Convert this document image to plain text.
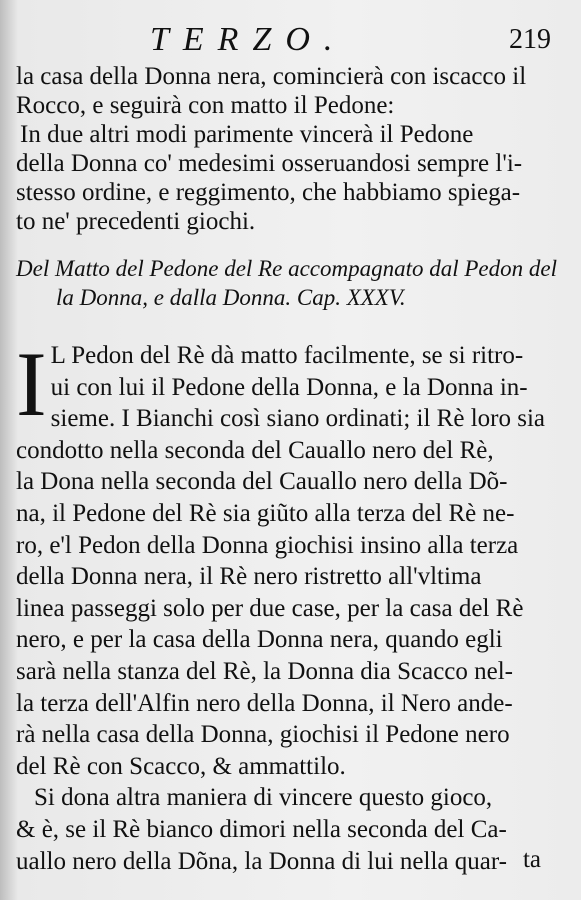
TERZO.	219
la casa della Donna nera, comincierà con iscacco il
Rocco, e seguirà con matto il Pedone:
In due altri modi parimente vincerà il Pedone
della Donna co' medesimi osseruandosi sempre l'i-
stesso ordine, e reggimento, che habbiamo spiega-
to ne' precedenti giochi.
Del Matto del Pedone del Re accompagnato dal Pedon del
la Donna, e dalla Donna. Cap. XXXV.
I L Pedon del Rè dà matto facilmente, se si ritro-
ui con lui il Pedone della Donna, e la Donna in-
sieme. I Bianchi così siano ordinati; il Rè loro sia
condotto nella seconda del Cauallo nero del Rè,
la Dona nella seconda del Cauallo nero della Dõ-
na, il Pedone del Rè sia giũto alla terza del Rè ne-
ro, e'l Pedon della Donna giochisi insino alla terza
della Donna nera, il Rè nero ristretto all'vltima
linea passeggi solo per due case, per la casa del Rè
nero, e per la casa della Donna nera, quando egli
sarà nella stanza del Rè, la Donna dia Scacco nel-
la terza dell'Alfin nero della Donna, il Nero ande-
rà nella casa della Donna, giochisi il Pedone nero
del Rè con Scacco, & ammattilo.
Si dona altra maniera di vincere questo gioco,
& è, se il Rè bianco dimori nella seconda del Ca-
uallo nero della Dõna, la Donna di lui nella quar- ta
